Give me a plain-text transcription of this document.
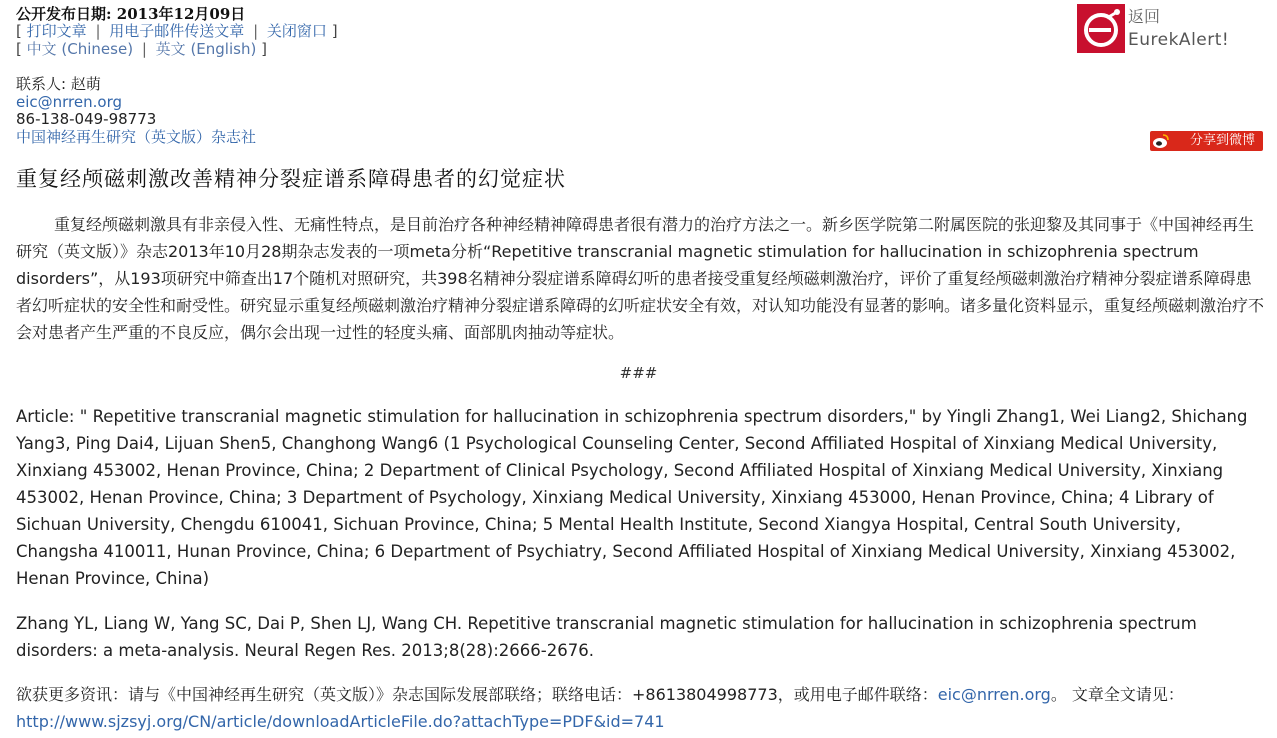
公开发布日期: 2013年12月09日
[ 打印文章 | 用电子邮件传送文章 | 关闭窗口 ]
[ 中文 (Chinese) | 英文 (English) ]
返回
EurekAlert!
联系人: 赵萌
eic@nrren.org
86-138-049-98773
中国神经再生研究（英文版）杂志社	分享到微博
重复经颅磁刺激改善精神分裂症谱系障碍患者的幻觉症状

重复经颅磁刺激具有非亲侵入性、无痛性特点，是目前治疗各种神经精神障碍患者很有潜力的治疗方法之一。新乡医学院第二附属医院的张迎黎及其同事于《中国神经再生研究（英文版）》杂志2013年10月28期杂志发表的一项meta分析“Repetitive transcranial magnetic stimulation for hallucination in schizophrenia spectrum disorders”，从193项研究中筛查出17个随机对照研究，共398名精神分裂症谱系障碍幻听的患者接受重复经颅磁刺激治疗，评价了重复经颅磁刺激治疗精神分裂症谱系障碍患者幻听症状的安全性和耐受性。研究显示重复经颅磁刺激治疗精神分裂症谱系障碍的幻听症状安全有效，对认知功能没有显著的影响。诸多量化资料显示，重复经颅磁刺激治疗不会对患者产生严重的不良反应，偶尔会出现一过性的轻度头痛、面部肌肉抽动等症状。

###

Article: " Repetitive transcranial magnetic stimulation for hallucination in schizophrenia spectrum disorders," by Yingli Zhang1, Wei Liang2, Shichang Yang3, Ping Dai4, Lijuan Shen5, Changhong Wang6 (1 Psychological Counseling Center, Second Affiliated Hospital of Xinxiang Medical University, Xinxiang 453002, Henan Province, China; 2 Department of Clinical Psychology, Second Affiliated Hospital of Xinxiang Medical University, Xinxiang 453002, Henan Province, China; 3 Department of Psychology, Xinxiang Medical University, Xinxiang 453000, Henan Province, China; 4 Library of Sichuan University, Chengdu 610041, Sichuan Province, China; 5 Mental Health Institute, Second Xiangya Hospital, Central South University, Changsha 410011, Hunan Province, China; 6 Department of Psychiatry, Second Affiliated Hospital of Xinxiang Medical University, Xinxiang 453002, Henan Province, China)

Zhang YL, Liang W, Yang SC, Dai P, Shen LJ, Wang CH. Repetitive transcranial magnetic stimulation for hallucination in schizophrenia spectrum disorders: a meta-analysis. Neural Regen Res. 2013;8(28):2666-2676.

欲获更多资讯：请与《中国神经再生研究（英文版）》杂志国际发展部联络；联络电话：+8613804998773，或用电子邮件联络：eic@nrren.org。 文章全文请见：http://www.sjzsyj.org/CN/article/downloadArticleFile.do?attachType=PDF&id=741
